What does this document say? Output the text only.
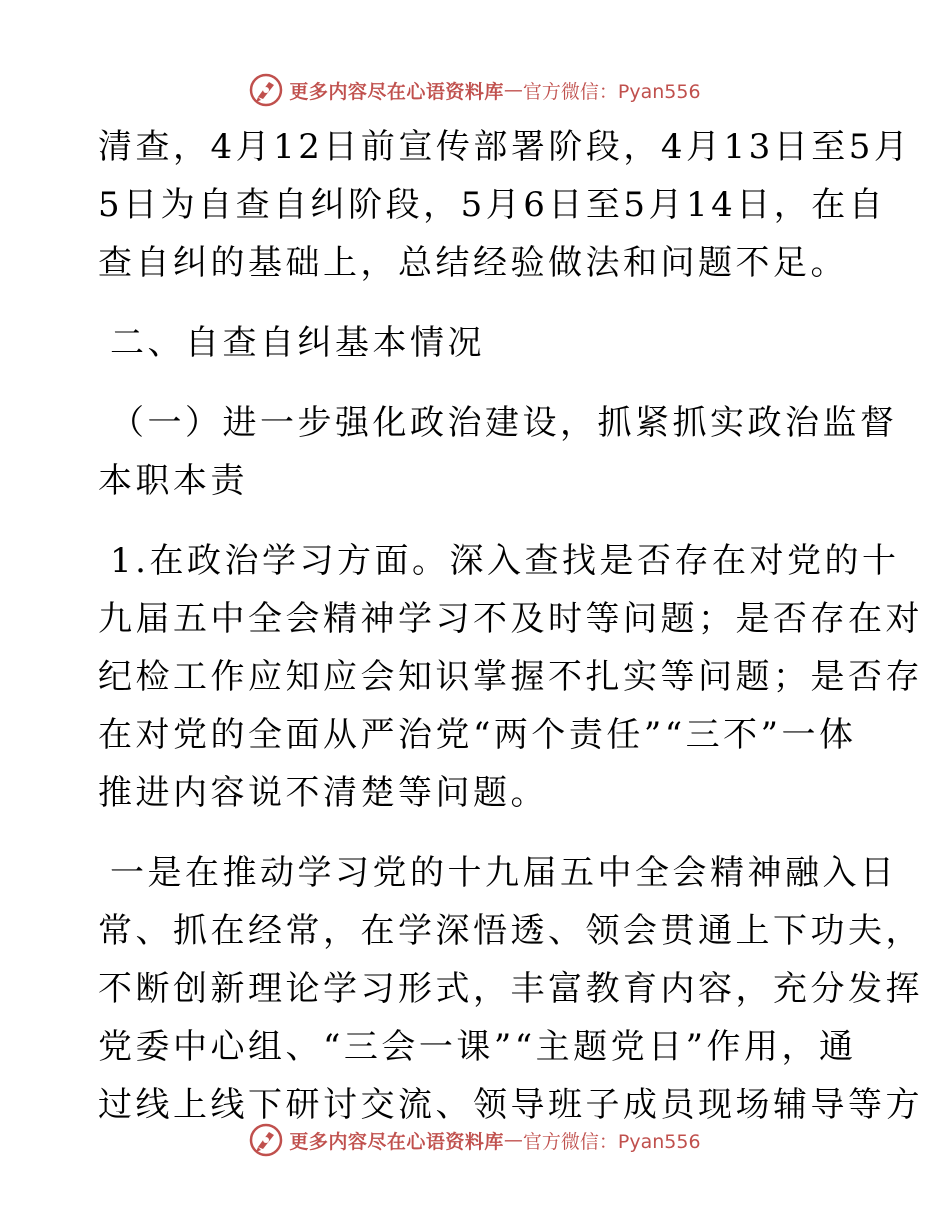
更多内容尽在心语资料库 — 官方微信：Pyan556
清查，4月12日前宣传部署阶段，4月13日至5月
5日为自查自纠阶段，5月6日至5月14日，在自
查自纠的基础上，总结经验做法和问题不足。
二、自查自纠基本情况
（一）进一步强化政治建设，抓紧抓实政治监督
本职本责
1.在政治学习方面。深入查找是否存在对党的十
九届五中全会精神学习不及时等问题；是否存在对
纪检工作应知应会知识掌握不扎实等问题；是否存
在对党的全面从严治党“两个责任”“三不”一体
推进内容说不清楚等问题。
一是在推动学习党的十九届五中全会精神融入日
常、抓在经常，在学深悟透、领会贯通上下功夫，
不断创新理论学习形式，丰富教育内容，充分发挥
党委中心组、“三会一课”“主题党日”作用，通
过线上线下研讨交流、领导班子成员现场辅导等方
更多内容尽在心语资料库 — 官方微信：Pyan556
